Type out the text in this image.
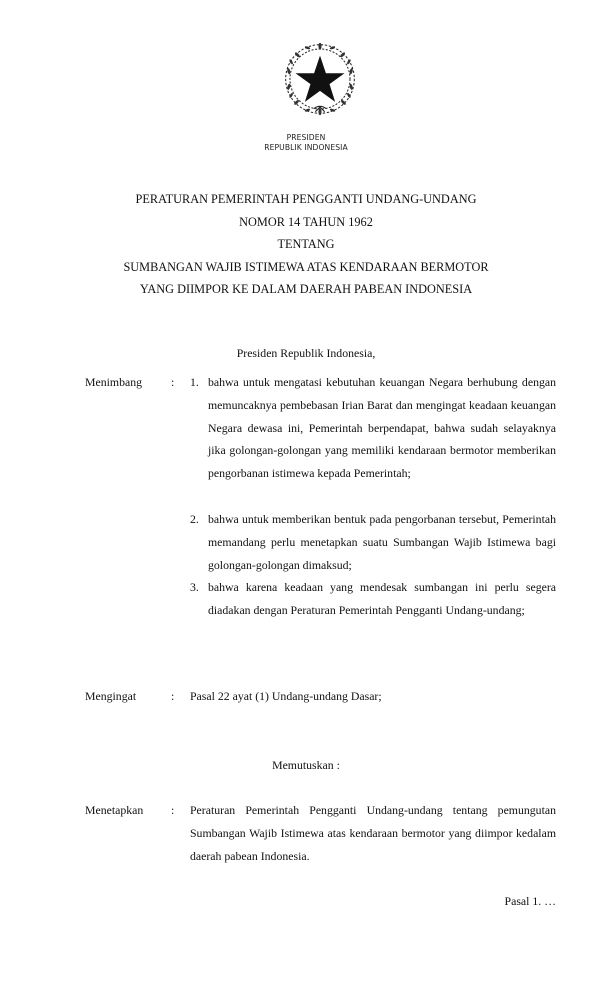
PRESIDEN
REPUBLIK INDONESIA
PERATURAN PEMERINTAH PENGGANTI UNDANG-UNDANG
NOMOR 14 TAHUN 1962
TENTANG
SUMBANGAN WAJIB ISTIMEWA ATAS KENDARAAN BERMOTOR
YANG DIIMPOR KE DALAM DAERAH PABEAN INDONESIA
Presiden Republik Indonesia,
Menimbang : 1. bahwa untuk mengatasi kebutuhan keuangan Negara berhubung dengan memuncaknya pembebasan Irian Barat dan mengingat keadaan keuangan Negara dewasa ini, Pemerintah berpendapat, bahwa sudah selayaknya jika golongan-golongan yang memiliki kendaraan bermotor memberikan pengorbanan istimewa kepada Pemerintah;
2. bahwa untuk memberikan bentuk pada pengorbanan tersebut, Pemerintah memandang perlu menetapkan suatu Sumbangan Wajib Istimewa bagi golongan-golongan dimaksud;
3. bahwa karena keadaan yang mendesak sumbangan ini perlu segera diadakan dengan Peraturan Pemerintah Pengganti Undang-undang;
Mengingat	: Pasal 22 ayat (1) Undang-undang Dasar;
Memutuskan :
Menetapkan : Peraturan Pemerintah Pengganti Undang-undang tentang pemungutan Sumbangan Wajib Istimewa atas kendaraan bermotor yang diimpor kedalam daerah pabean Indonesia.
Pasal 1. …
